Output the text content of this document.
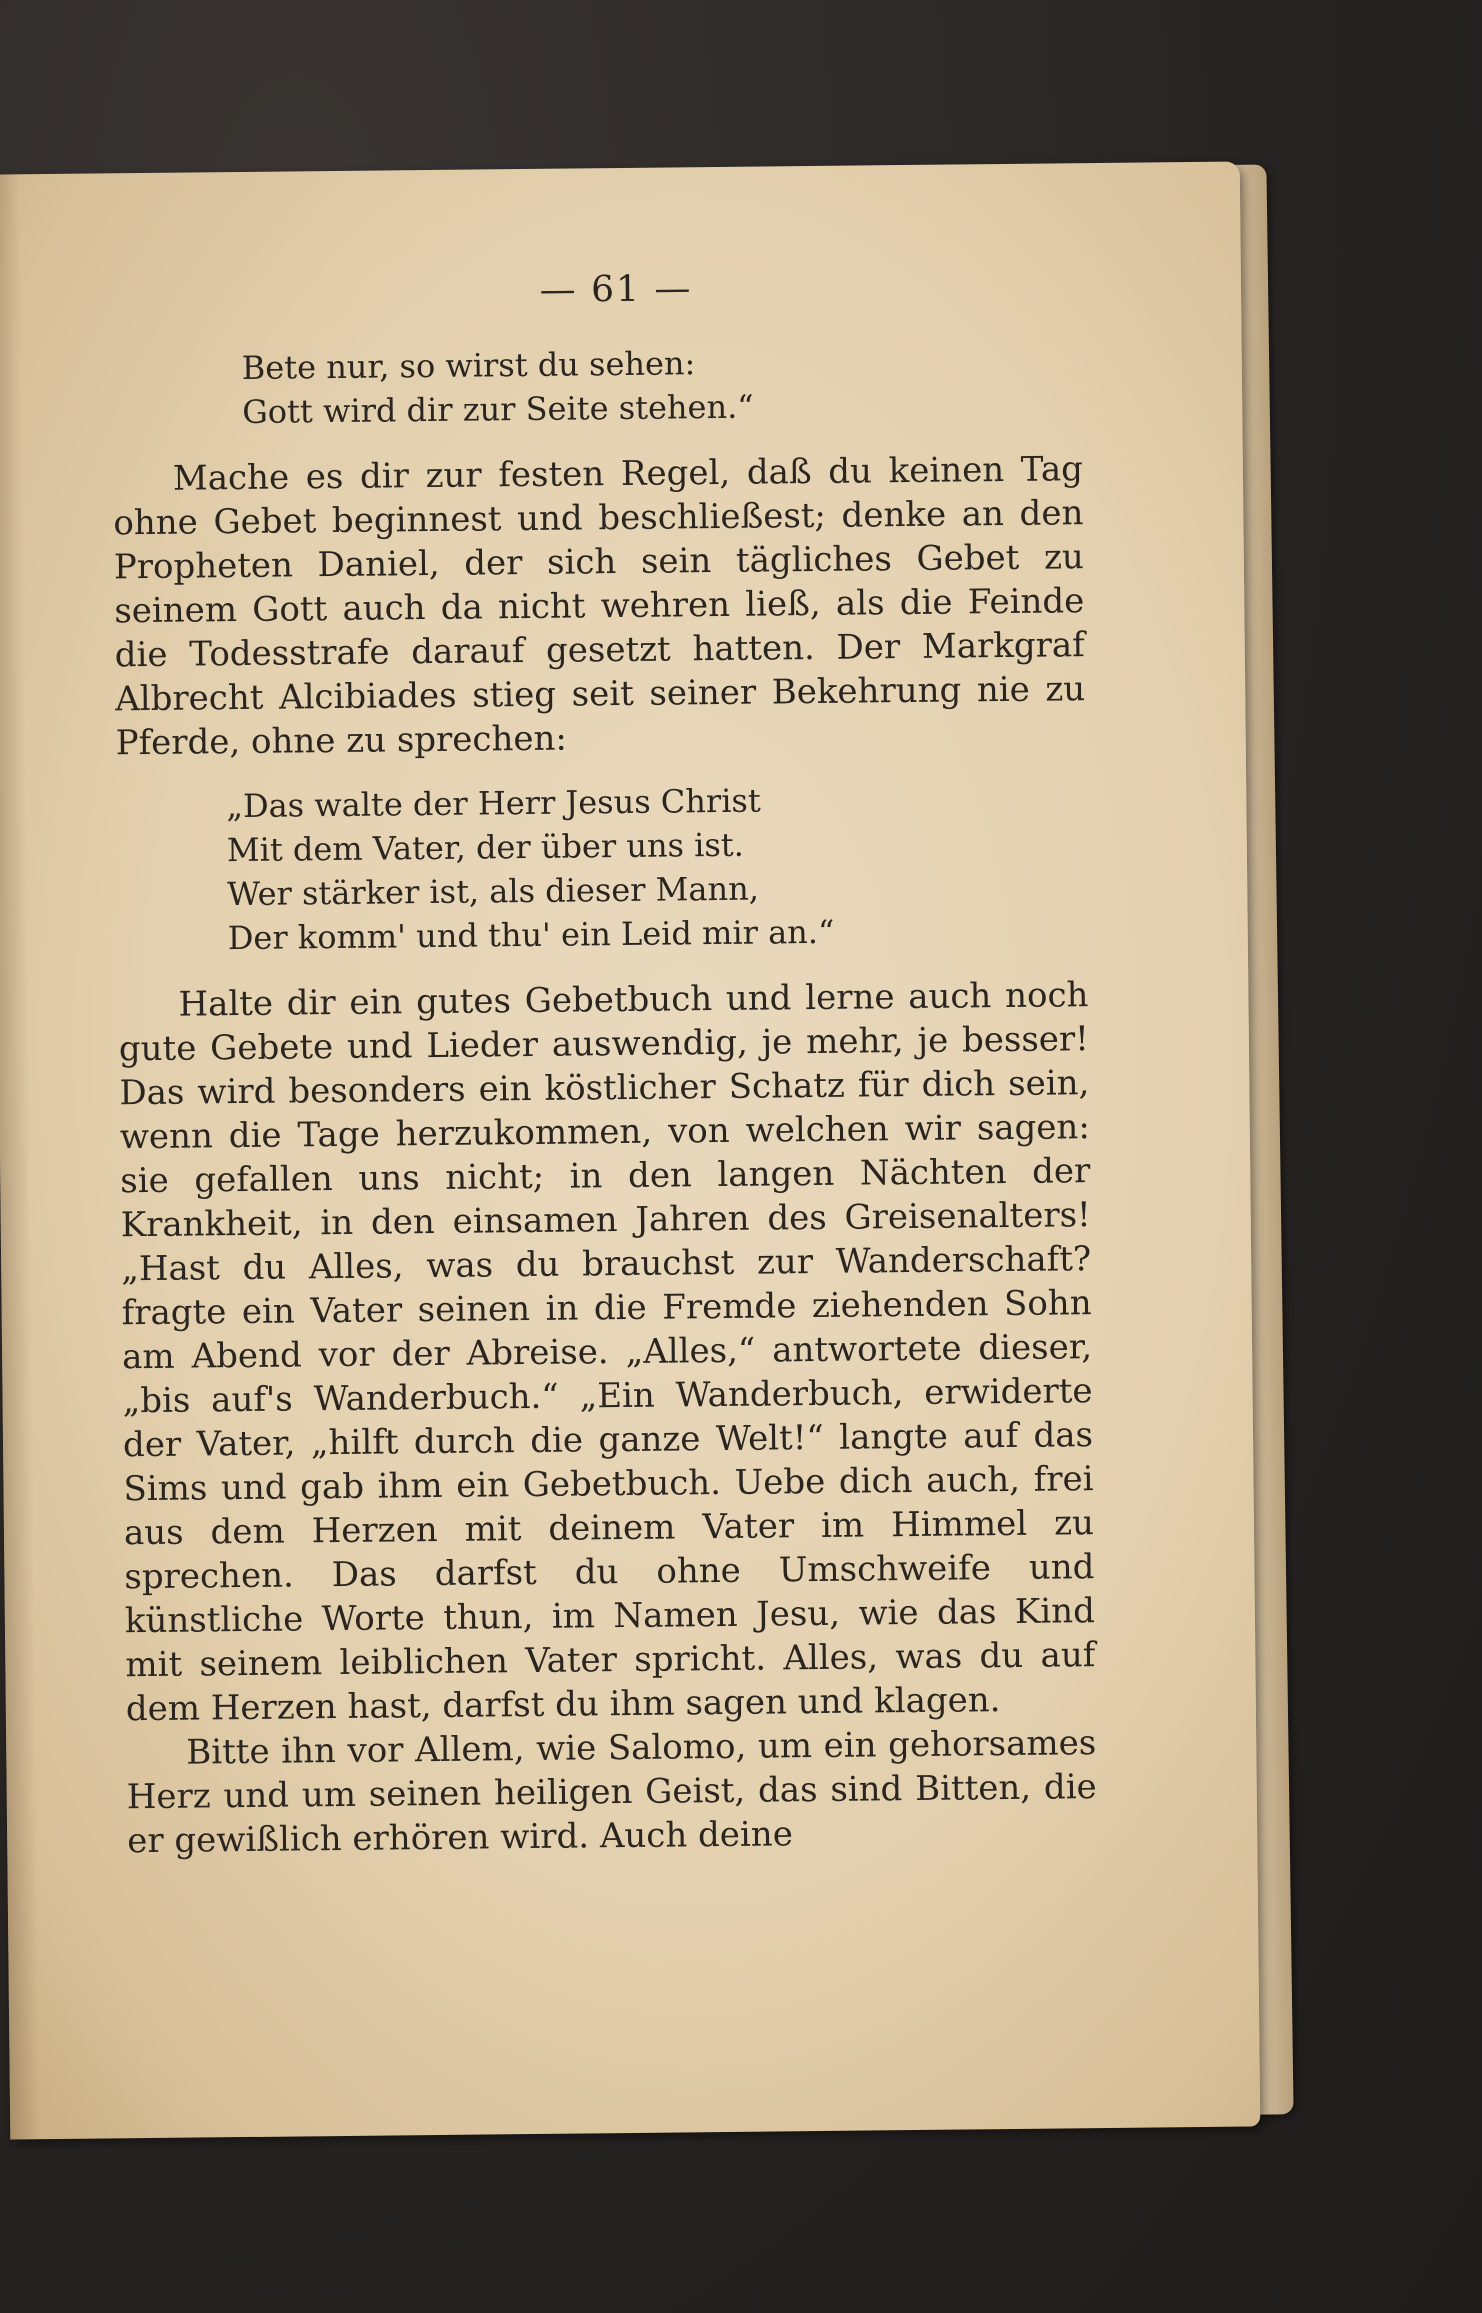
— 61 —
Bete nur, so wirst du sehen:
Gott wird dir zur Seite stehen.“

Mache es dir zur festen Regel, daß du keinen Tag ohne Gebet beginnest und beschließest; denke an den Propheten Daniel, der sich sein tägliches Gebet zu seinem Gott auch da nicht wehren ließ, als die Feinde die Todesstrafe darauf gesetzt hatten. Der Markgraf Albrecht Alcibiades stieg seit seiner Bekehrung nie zu Pferde, ohne zu sprechen:

„Das walte der Herr Jesus Christ
Mit dem Vater, der über uns ist.
Wer stärker ist, als dieser Mann,
Der komm' und thu' ein Leid mir an.“

Halte dir ein gutes Gebetbuch und lerne auch noch gute Gebete und Lieder auswendig, je mehr, je besser! Das wird besonders ein köstlicher Schatz für dich sein, wenn die Tage herzukommen, von welchen wir sagen: sie gefallen uns nicht; in den langen Nächten der Krankheit, in den einsamen Jahren des Greisenalters! „Hast du Alles, was du brauchst zur Wanderschaft? fragte ein Vater seinen in die Fremde ziehenden Sohn am Abend vor der Abreise. „Alles,“ antwortete dieser, „bis auf's Wanderbuch.“ „Ein Wanderbuch, erwiderte der Vater, „hilft durch die ganze Welt!“ langte auf das Sims und gab ihm ein Gebetbuch. Uebe dich auch, frei aus dem Herzen mit deinem Vater im Himmel zu sprechen. Das darfst du ohne Umschweife und künstliche Worte thun, im Namen Jesu, wie das Kind mit seinem leiblichen Vater spricht. Alles, was du auf dem Herzen hast, darfst du ihm sagen und klagen.

Bitte ihn vor Allem, wie Salomo, um ein gehorsames Herz und um seinen heiligen Geist, das sind Bitten, die er gewißlich erhören wird. Auch deine
